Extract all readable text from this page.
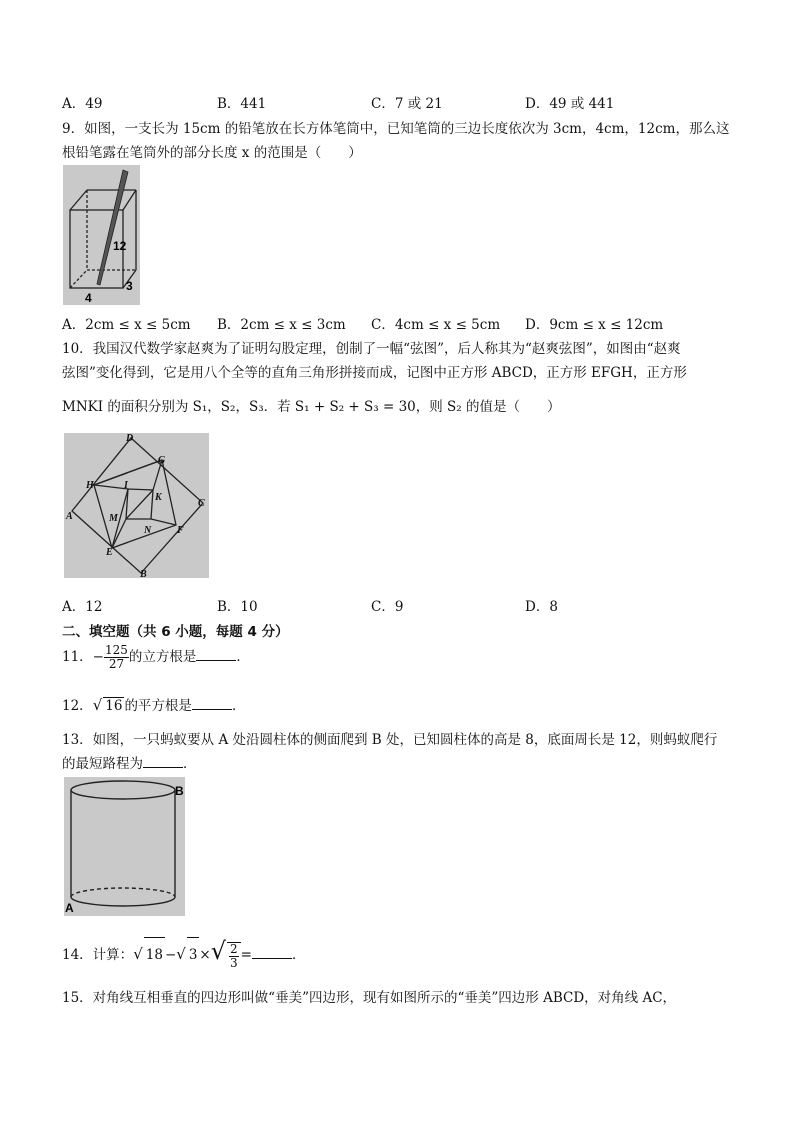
A．49	B．441	C．7 或 21	D．49 或 441
9．如图，一支长为 15cm 的铅笔放在长方体笔筒中，已知笔筒的三边长度依次为 3cm，4cm，12cm，那么这
根铅笔露在笔筒外的部分长度 x 的范围是（　　）
12
4
3
A．2cm ≤ x ≤ 5cm B．2cm ≤ x ≤ 3cm C．4cm ≤ x ≤ 5cm D．9cm ≤ x ≤ 12cm
10．我国汉代数学家赵爽为了证明勾股定理，创制了一幅“弦图”，后人称其为“赵爽弦图”，如图由“赵爽
弦图”变化得到，它是用八个全等的直角三角形拼接而成，记图中正方形 ABCD，正方形 EFGH，正方形
MNKI 的面积分别为 S₁，S₂，S₃．若 S₁ + S₂ + S₃ = 30，则 S₂ 的值是（　　）
D
G
C
F
B
E
A
H	I
K
N
M
A．12	B．10	C．9	D．8
二、填空题（共 6 小题，每题 4 分）
11．− $\frac{125}{27}$ 的立方根是	．
12．√ 16 的平方根是	．
13．如图，一只蚂蚁要从 A 处沿圆柱体的侧面爬到 B 处，已知圆柱体的高是 8，底面周长是 12，则蚂蚁爬行
的最短路程为	．
B
A
14．计算：√ 18 −√ 3 ×√ $\frac{2}{3}$ =	．
15．对角线互相垂直的四边形叫做“垂美”四边形，现有如图所示的“垂美”四边形 ABCD，对角线 AC，
